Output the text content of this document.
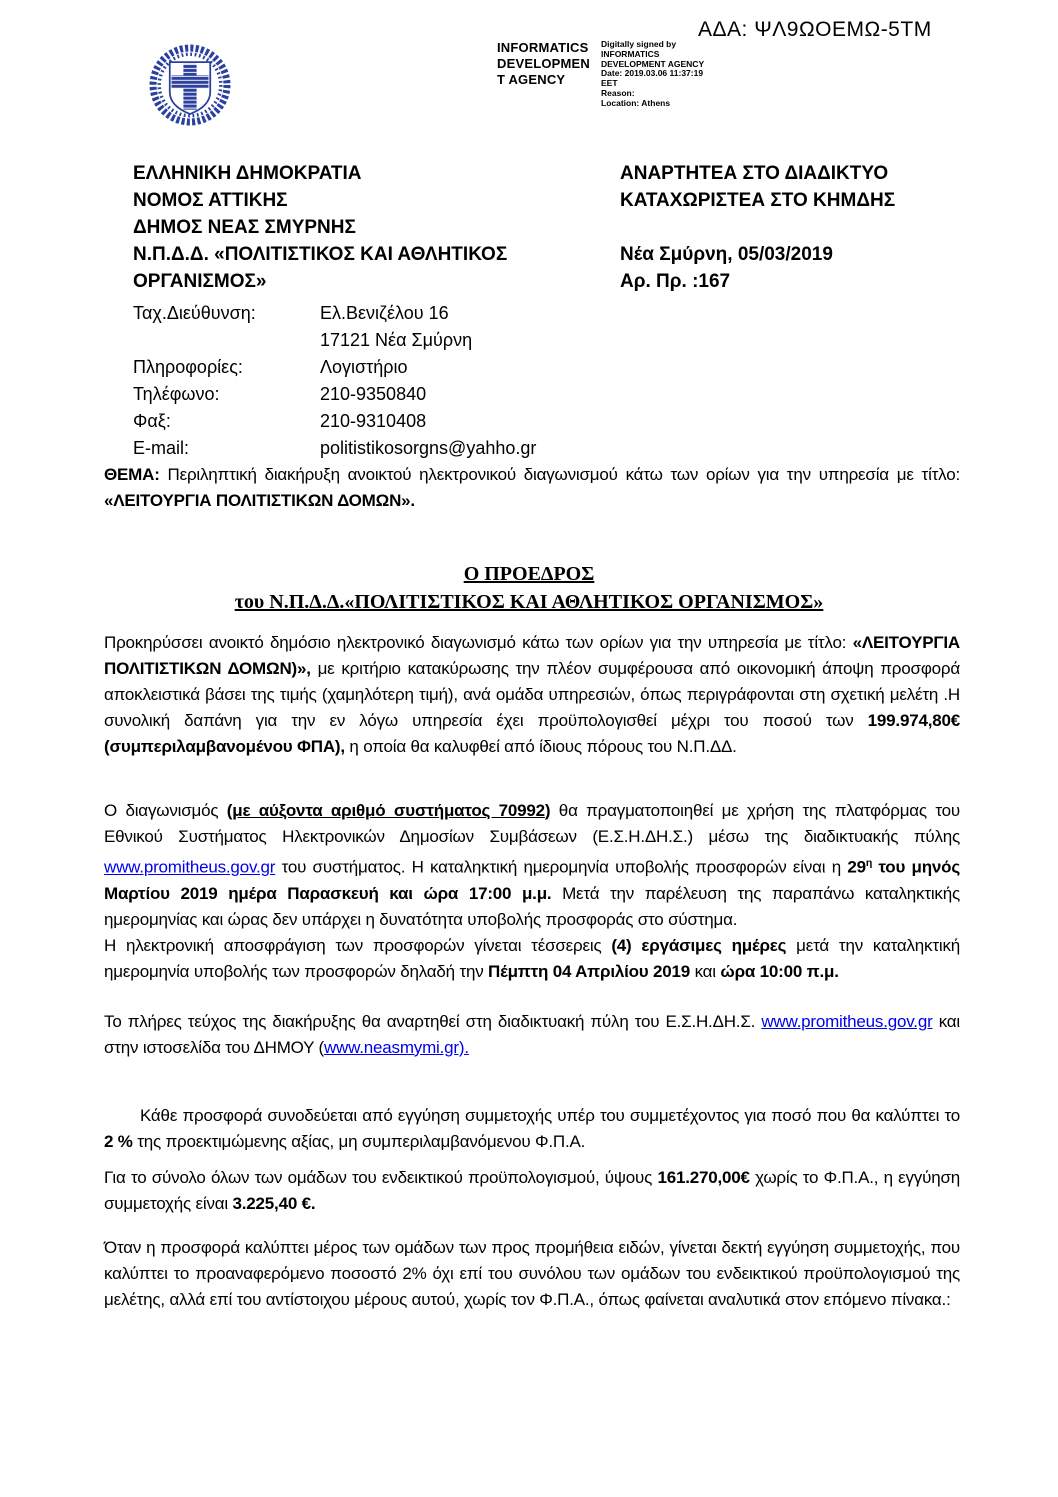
ΑΔΑ: ΨΛ9ΩΟΕΜΩ-5ΤΜ
INFORMATICS
DEVELOPMEN
T AGENCY
Digitally signed by
INFORMATICS
DEVELOPMENT AGENCY
Date: 2019.03.06 11:37:19
EET
Reason:
Location: Athens
ΕΛΛΗΝΙΚΗ ΔΗΜΟΚΡΑΤΙΑ
ΝΟΜΟΣ ΑΤΤΙΚΗΣ
ΔΗΜΟΣ ΝΕΑΣ ΣΜΥΡΝΗΣ
Ν.Π.Δ.Δ. «ΠΟΛΙΤΙΣΤΙΚΟΣ ΚΑΙ ΑΘΛΗΤΙΚΟΣ ΟΡΓΑΝΙΣΜΟΣ»
ΑΝΑΡΤΗΤΕΑ ΣΤΟ ΔΙΑΔΙΚΤΥΟ
ΚΑΤΑΧΩΡΙΣΤΕΑ ΣΤΟ ΚΗΜΔΗΣ
Νέα Σμύρνη, 05/03/2019
Αρ. Πρ. :167
Ταχ.Διεύθυνση:	Ελ.Βενιζέλου 16
17121 Νέα Σμύρνη
Πληροφορίες:	Λογιστήριο
Τηλέφωνο:	210-9350840
Φαξ:	210-9310408
E-mail:	politistikosorgns@yahho.gr
ΘΕΜΑ: Περιληπτική διακήρυξη ανοικτού ηλεκτρονικού διαγωνισμού κάτω των ορίων για την υπηρεσία με τίτλο: «ΛΕΙΤΟΥΡΓΙΑ ΠΟΛΙΤΙΣΤΙΚΩΝ ΔΟΜΩΝ».
Ο ΠΡΟΕΔΡΟΣ
του Ν.Π.Δ.Δ.«ΠΟΛΙΤΙΣΤΙΚΟΣ ΚΑΙ ΑΘΛΗΤΙΚΟΣ ΟΡΓΑΝΙΣΜΟΣ»
Προκηρύσσει ανοικτό δημόσιο ηλεκτρονικό διαγωνισμό κάτω των ορίων για την υπηρεσία με τίτλο: «ΛΕΙΤΟΥΡΓΙΑ ΠΟΛΙΤΙΣΤΙΚΩΝ ΔΟΜΩΝ)», με κριτήριο κατακύρωσης την πλέον συμφέρουσα από οικονομική άποψη προσφορά αποκλειστικά βάσει της τιμής (χαμηλότερη τιμή), ανά ομάδα υπηρεσιών, όπως περιγράφονται στη σχετική μελέτη .Η συνολική δαπάνη για την εν λόγω υπηρεσία έχει προϋπολογισθεί μέχρι του ποσού των 199.974,80€ (συμπεριλαμβανομένου ΦΠΑ), η οποία θα καλυφθεί από ίδιους πόρους του Ν.Π.ΔΔ.
Ο διαγωνισμός (με αύξοντα αριθμό συστήματος 70992) θα πραγματοποιηθεί με χρήση της πλατφόρμας του Εθνικού Συστήματος Ηλεκτρονικών Δημοσίων Συμβάσεων (Ε.Σ.Η.ΔΗ.Σ.) μέσω της διαδικτυακής πύλης www.promitheus.gov.gr του συστήματος. Η καταληκτική ημερομηνία υποβολής προσφορών είναι η $29^\eta$ του μηνός Μαρτίου 2019 ημέρα Παρασκευή και ώρα 17:00 μ.μ. Μετά την παρέλευση της παραπάνω καταληκτικής ημερομηνίας και ώρας δεν υπάρχει η δυνατότητα υποβολής προσφοράς στο σύστημα.
Η ηλεκτρονική αποσφράγιση των προσφορών γίνεται τέσσερεις (4) εργάσιμες ημέρες μετά την καταληκτική ημερομηνία υποβολής των προσφορών δηλαδή την Πέμπτη 04 Απριλίου 2019 και ώρα 10:00 π.μ.
Το πλήρες τεύχος της διακήρυξης θα αναρτηθεί στη διαδικτυακή πύλη του Ε.Σ.Η.ΔΗ.Σ. www.promitheus.gov.gr και στην ιστοσελίδα του ΔΗΜΟΥ (www.neasmymi.gr).
Κάθε προσφορά συνοδεύεται από εγγύηση συμμετοχής υπέρ του συμμετέχοντος για ποσό που θα καλύπτει το 2 % της προεκτιμώμενης αξίας, μη συμπεριλαμβανόμενου Φ.Π.Α.
Για το σύνολο όλων των ομάδων του ενδεικτικού προϋπολογισμού, ύψους 161.270,00€ χωρίς το Φ.Π.Α., η εγγύηση συμμετοχής είναι 3.225,40 €.
Όταν η προσφορά καλύπτει μέρος των ομάδων των προς προμήθεια ειδών, γίνεται δεκτή εγγύηση συμμετοχής, που καλύπτει το προαναφερόμενο ποσοστό 2% όχι επί του συνόλου των ομάδων του ενδεικτικού προϋπολογισμού της μελέτης, αλλά επί του αντίστοιχου μέρους αυτού, χωρίς τον Φ.Π.Α., όπως φαίνεται αναλυτικά στον επόμενο πίνακα.:
